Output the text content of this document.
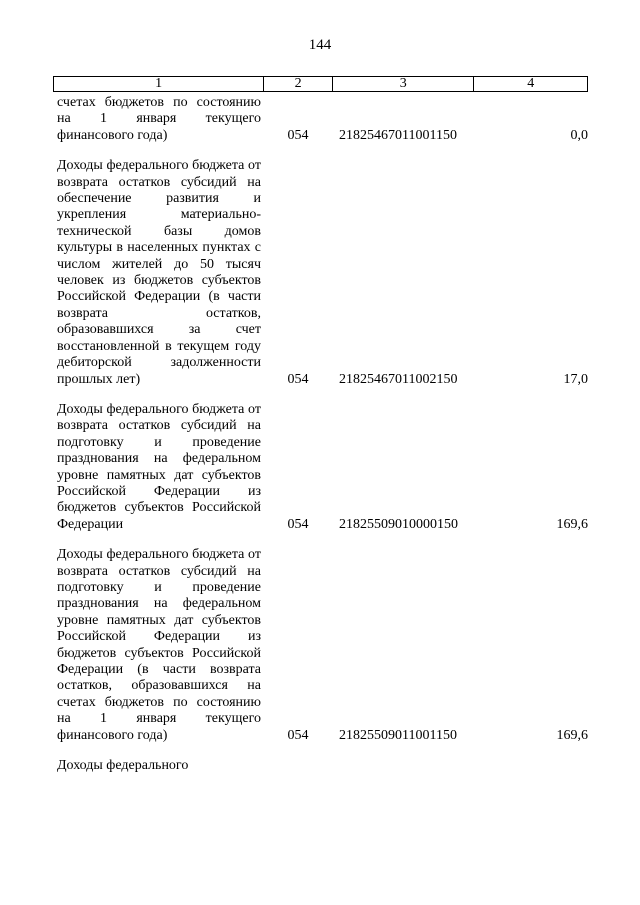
144
1	2	3	4
счетах бюджетов по состоянию на 1 января текущего финансового года)	054 21825467011001150	0,0
Доходы федерального бюджета от возврата остатков субсидий на обеспечение развития и укрепления материально-технической базы домов культуры в населенных пунктах с числом жителей до 50 тысяч человек из бюджетов субъектов Российской Федерации (в части возврата остатков, образовавшихся за счет восстановленной в текущем году дебиторской задолженности прошлых лет)	054 21825467011002150	17,0
Доходы федерального бюджета от возврата остатков субсидий на подготовку и проведение празднования на федеральном уровне памятных дат субъектов Российской Федерации из бюджетов субъектов Российской Федерации	054 21825509010000150	169,6
Доходы федерального бюджета от возврата остатков субсидий на подготовку и проведение празднования на федеральном уровне памятных дат субъектов Российской Федерации из бюджетов субъектов Российской Федерации (в части возврата остатков, образовавшихся на счетах бюджетов по состоянию на 1 января текущего финансового года)	054 21825509011001150	169,6
Доходы федерального
